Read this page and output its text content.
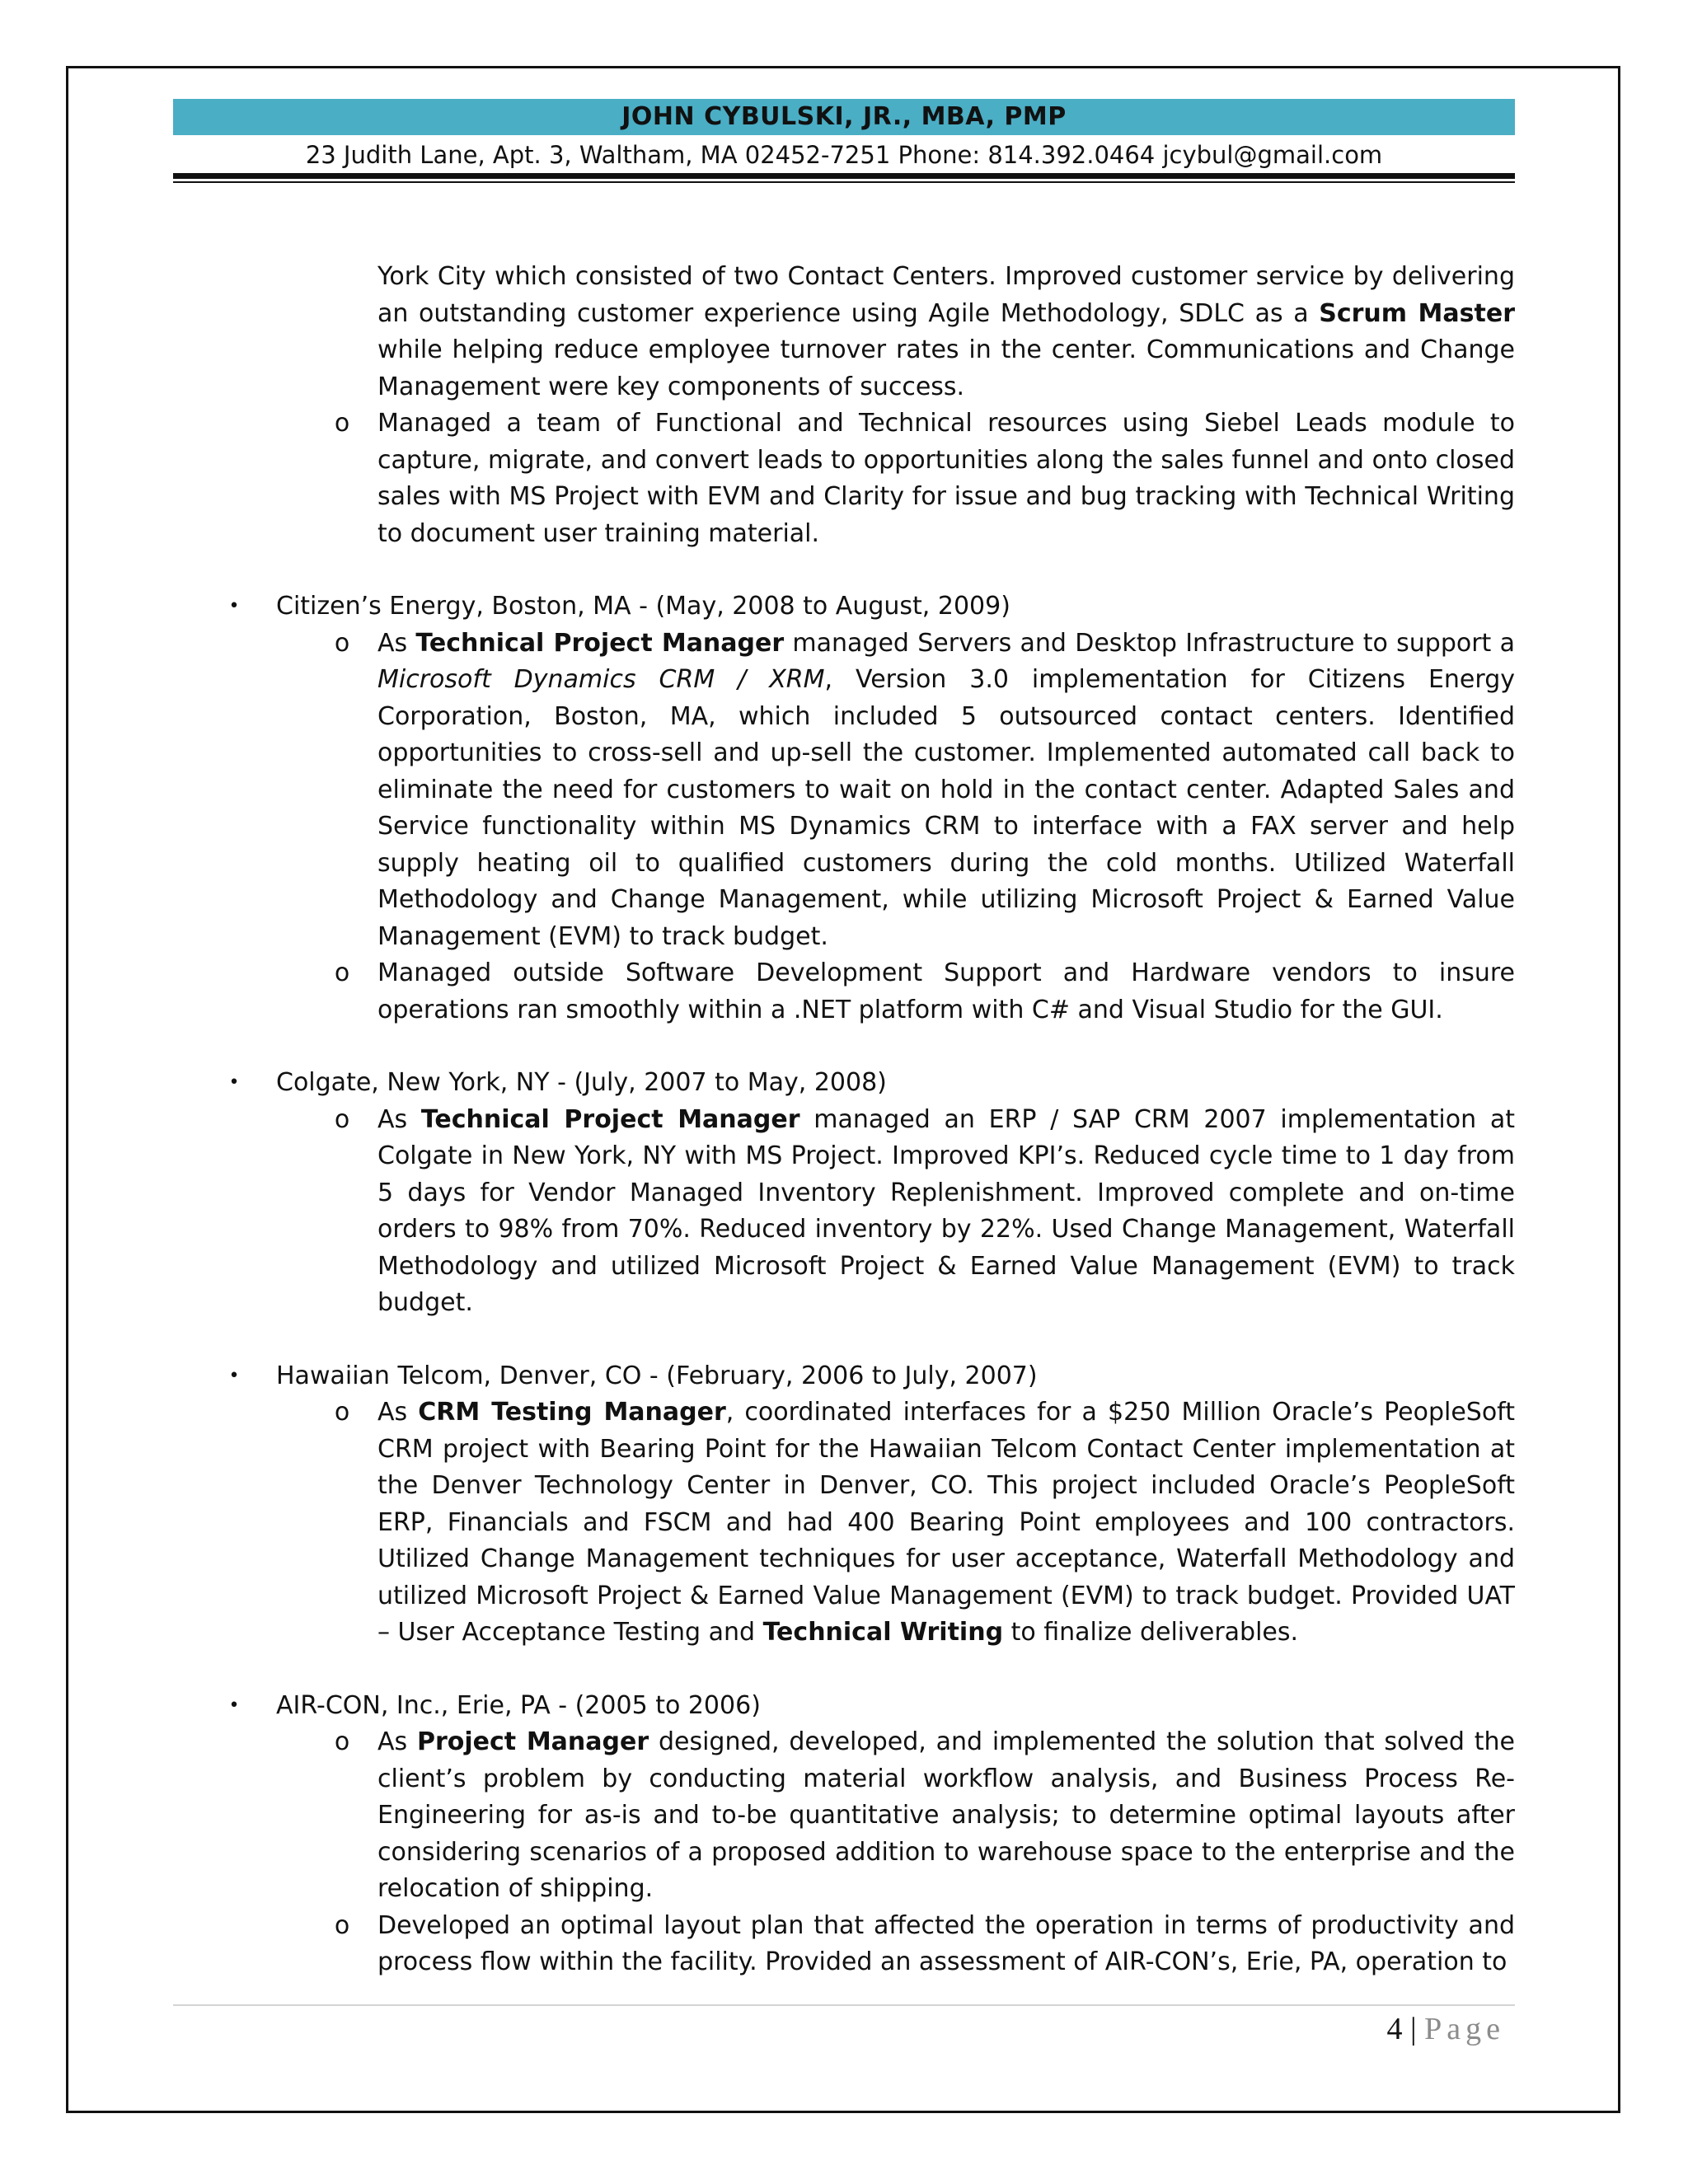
JOHN CYBULSKI, JR., MBA, PMP
23 Judith Lane, Apt. 3, Waltham, MA 02452-7251 Phone: 814.392.0464 jcybul@gmail.com
York City which consisted of two Contact Centers. Improved customer service by delivering an outstanding customer experience using Agile Methodology, SDLC as a Scrum Master while helping reduce employee turnover rates in the center. Communications and Change Management were key components of success.
o	Managed a team of Functional and Technical resources using Siebel Leads module to capture, migrate, and convert leads to opportunities along the sales funnel and onto closed sales with MS Project with EVM and Clarity for issue and bug tracking with Technical Writing to document user training material.
• Citizen’s Energy, Boston, MA - (May, 2008 to August, 2009)
o	As Technical Project Manager managed Servers and Desktop Infrastructure to support a Microsoft Dynamics CRM / XRM, Version 3.0 implementation for Citizens Energy Corporation, Boston, MA, which included 5 outsourced contact centers. Identified opportunities to cross-sell and up-sell the customer. Implemented automated call back to eliminate the need for customers to wait on hold in the contact center. Adapted Sales and Service functionality within MS Dynamics CRM to interface with a FAX server and help supply heating oil to qualified customers during the cold months. Utilized Waterfall Methodology and Change Management, while utilizing Microsoft Project & Earned Value Management (EVM) to track budget.
o	Managed outside Software Development Support and Hardware vendors to insure operations ran smoothly within a .NET platform with C# and Visual Studio for the GUI.
• Colgate, New York, NY - (July, 2007 to May, 2008)
o	As Technical Project Manager managed an ERP / SAP CRM 2007 implementation at Colgate in New York, NY with MS Project. Improved KPI’s. Reduced cycle time to 1 day from 5 days for Vendor Managed Inventory Replenishment. Improved complete and on-time orders to 98% from 70%. Reduced inventory by 22%. Used Change Management, Waterfall Methodology and utilized Microsoft Project & Earned Value Management (EVM) to track budget.
• Hawaiian Telcom, Denver, CO - (February, 2006 to July, 2007)
o	As CRM Testing Manager, coordinated interfaces for a $250 Million Oracle’s PeopleSoft CRM project with Bearing Point for the Hawaiian Telcom Contact Center implementation at the Denver Technology Center in Denver, CO. This project included Oracle’s PeopleSoft ERP, Financials and FSCM and had 400 Bearing Point employees and 100 contractors. Utilized Change Management techniques for user acceptance, Waterfall Methodology and utilized Microsoft Project & Earned Value Management (EVM) to track budget. Provided UAT – User Acceptance Testing and Technical Writing to finalize deliverables.
• AIR-CON, Inc., Erie, PA - (2005 to 2006)
o	As Project Manager designed, developed, and implemented the solution that solved the client’s problem by conducting material workflow analysis, and Business Process Re-Engineering for as-is and to-be quantitative analysis; to determine optimal layouts after considering scenarios of a proposed addition to warehouse space to the enterprise and the relocation of shipping.
o	Developed an optimal layout plan that affected the operation in terms of productivity and process flow within the facility. Provided an assessment of AIR-CON’s, Erie, PA, operation to
4 | Page
